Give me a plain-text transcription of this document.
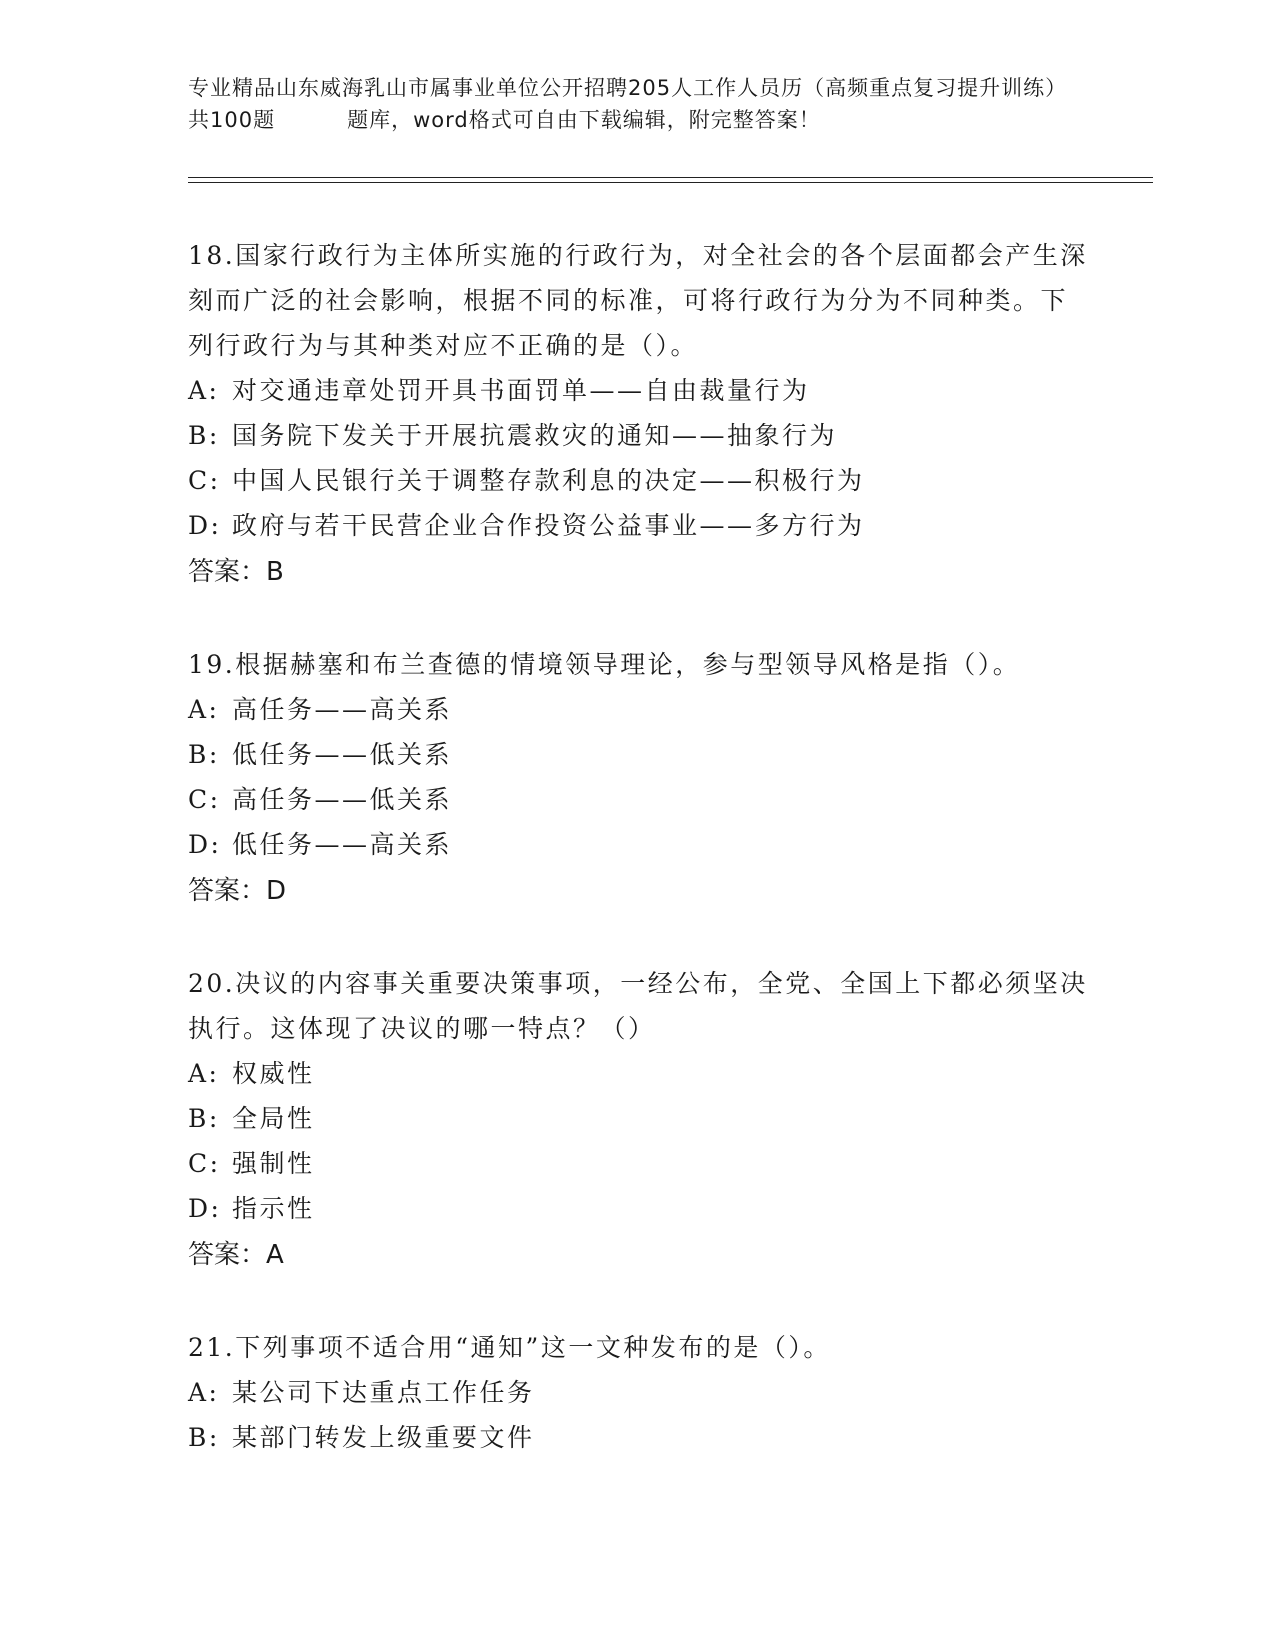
专业精品山东威海乳山市属事业单位公开招聘205人工作人员历（高频重点复习提升训练）共100题	题库，word格式可自由下载编辑，附完整答案！

18.国家行政行为主体所实施的行政行为，对全社会的各个层面都会产生深刻而广泛的社会影响，根据不同的标准，可将行政行为分为不同种类。下列行政行为与其种类对应不正确的是（）。

A: 对交通违章处罚开具书面罚单——自由裁量行为
B: 国务院下发关于开展抗震救灾的通知——抽象行为
C: 中国人民银行关于调整存款利息的决定——积极行为
D: 政府与若干民营企业合作投资公益事业——多方行为
答案：B

19.根据赫塞和布兰查德的情境领导理论，参与型领导风格是指（）。

A: 高任务——高关系
B: 低任务——低关系
C: 高任务——低关系
D: 低任务——高关系
答案：D

20.决议的内容事关重要决策事项，一经公布，全党、全国上下都必须坚决执行。这体现了决议的哪一特点？（）

A: 权威性
B: 全局性
C: 强制性
D: 指示性
答案：A

21.下列事项不适合用“通知”这一文种发布的是（）。

A: 某公司下达重点工作任务
B: 某部门转发上级重要文件
